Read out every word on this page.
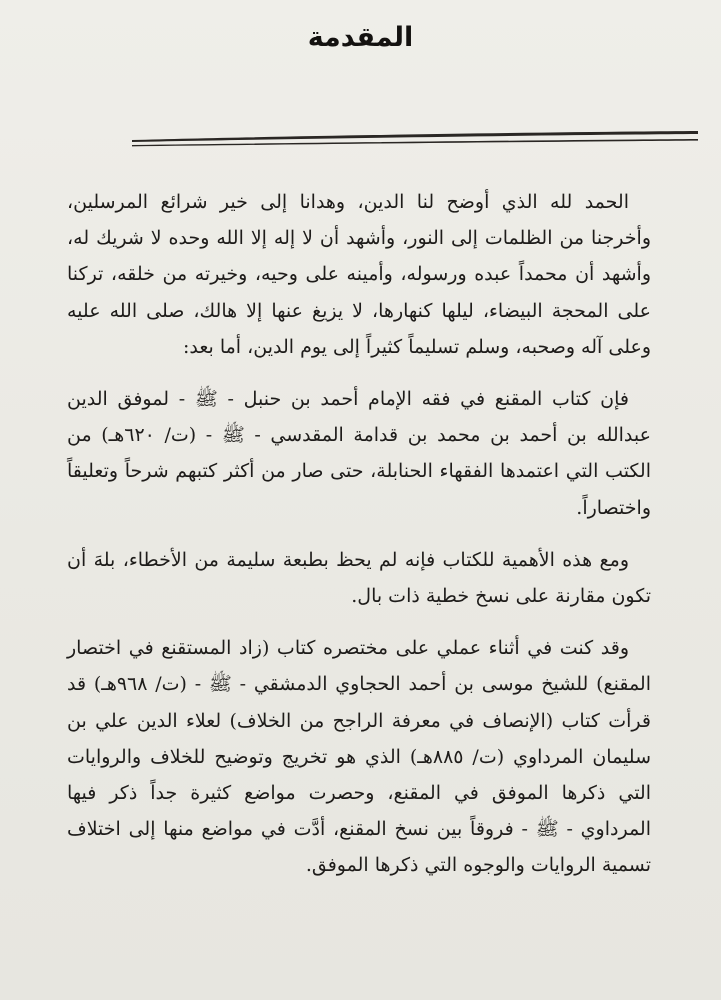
المقدمة

الحمد لله الذي أوضح لنا الدين، وهدانا إلى خير شرائع المرسلين، وأخرجنا من الظلمات إلى النور، وأشهد أن لا إله إلا الله وحده لا شريك له، وأشهد أن محمداً عبده ورسوله، وأمينه على وحيه، وخيرته من خلقه، تركنا على المحجة البيضاء، ليلها كنهارها، لا يزيغ عنها إلا هالك، صلى الله عليه وعلى آله وصحبه، وسلم تسليماً كثيراً إلى يوم الدين، أما بعد:

فإن كتاب المقنع في فقه الإمام أحمد بن حنبل - ﷺ - لموفق الدين عبدالله بن أحمد بن محمد بن قدامة المقدسي - ﷺ - (ت/ ٦٢٠هـ) من الكتب التي اعتمدها الفقهاء الحنابلة، حتى صار من أكثر كتبهم شرحاً وتعليقاً واختصاراً.

ومع هذه الأهمية للكتاب فإنه لم يحظ بطبعة سليمة من الأخطاء، بلهَ أن تكون مقارنة على نسخ خطية ذات بال.

وقد كنت في أثناء عملي على مختصره كتاب (زاد المستقنع في اختصار المقنع) للشيخ موسى بن أحمد الحجاوي الدمشقي - ﷺ - (ت/ ٩٦٨هـ) قد قرأت كتاب (الإنصاف في معرفة الراجح من الخلاف) لعلاء الدين علي بن سليمان المرداوي (ت/ ٨٨٥هـ) الذي هو تخريج وتوضيح للخلاف والروايات التي ذكرها الموفق في المقنع، وحصرت مواضع كثيرة جداً ذكر فيها المرداوي - ﷺ - فروقاً بين نسخ المقنع، أدَّت في مواضع منها إلى اختلاف تسمية الروايات والوجوه التي ذكرها الموفق.
